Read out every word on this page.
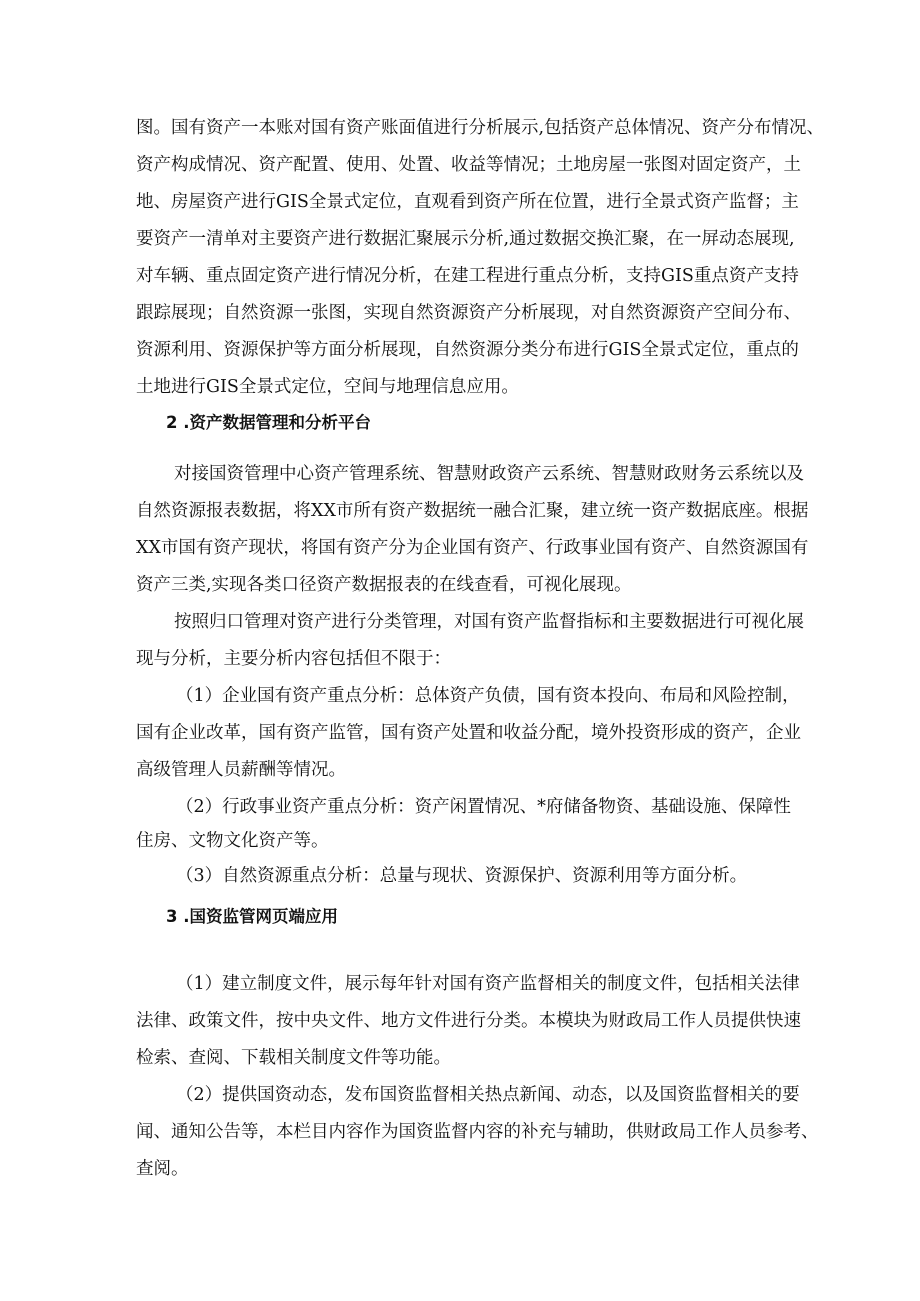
图。国有资产一本账对国有资产账面值进行分析展示,包括资产总体情况、资产分布情况、
资产构成情况、资产配置、使用、处置、收益等情况；土地房屋一张图对固定资产，土
地、房屋资产进行GIS全景式定位，直观看到资产所在位置，进行全景式资产监督；主
要资产一清单对主要资产进行数据汇聚展示分析,通过数据交换汇聚，在一屏动态展现,
对车辆、重点固定资产进行情况分析，在建工程进行重点分析，支持GIS重点资产支持
跟踪展现；自然资源一张图，实现自然资源资产分析展现，对自然资源资产空间分布、
资源利用、资源保护等方面分析展现，自然资源分类分布进行GIS全景式定位，重点的
土地进行GIS全景式定位，空间与地理信息应用。
2 .资产数据管理和分析平台
对接国资管理中心资产管理系统、智慧财政资产云系统、智慧财政财务云系统以及
自然资源报表数据，将XX市所有资产数据统一融合汇聚，建立统一资产数据底座。根据
XX市国有资产现状，将国有资产分为企业国有资产、行政事业国有资产、自然资源国有
资产三类,实现各类口径资产数据报表的在线查看，可视化展现。
按照归口管理对资产进行分类管理，对国有资产监督指标和主要数据进行可视化展
现与分析，主要分析内容包括但不限于：
（1）企业国有资产重点分析：总体资产负债，国有资本投向、布局和风险控制，
国有企业改革，国有资产监管，国有资产处置和收益分配，境外投资形成的资产，企业
高级管理人员薪酬等情况。
（2）行政事业资产重点分析：资产闲置情况、*府储备物资、基础设施、保障性
住房、文物文化资产等。
（3）自然资源重点分析：总量与现状、资源保护、资源利用等方面分析。
3 .国资监管网页端应用
（1）建立制度文件，展示每年针对国有资产监督相关的制度文件，包括相关法律
法律、政策文件，按中央文件、地方文件进行分类。本模块为财政局工作人员提供快速
检索、查阅、下载相关制度文件等功能。
（2）提供国资动态，发布国资监督相关热点新闻、动态，以及国资监督相关的要
闻、通知公告等，本栏目内容作为国资监督内容的补充与辅助，供财政局工作人员参考、
查阅。
